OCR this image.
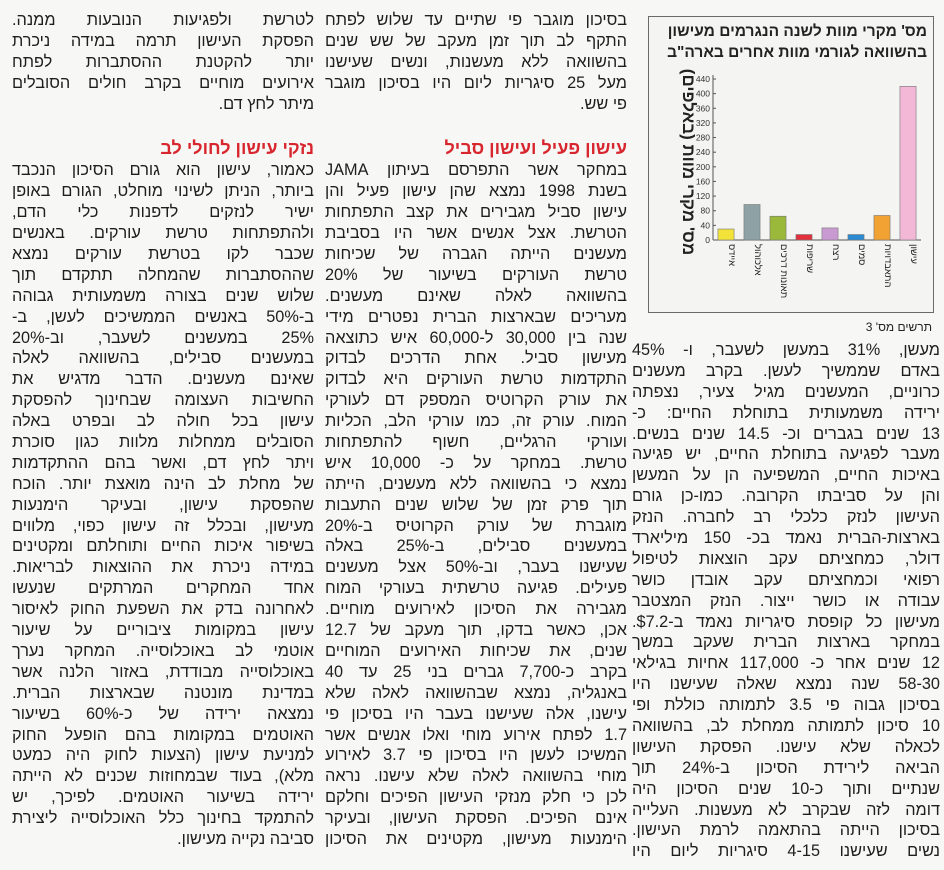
מס' מקרי מוות לשנה הנגרמים מעישון
בהשוואה לגורמי מוות אחרים בארה"ב
0
40
80
120
160
200
240
280
320
360
400
440
מס' מקרי מוות (באלפים)	איידס אלכוהול תאונות דרכים שריפות רצח סמים התאבדויות עישון
תרשים מס' 3
לטרשת ולפגיעות הנובעות ממנה.
הפסקת העישון תרמה במידה ניכרת
יותר להקטנת ההסתברות לפתח
אירועים מוחיים בקרב חולים הסובלים
מיתר לחץ דם.
נזקי עישון לחולי לב
כאמור, עישון הוא גורם הסיכון הנכבד
ביותר, הניתן לשינוי מוחלט, הגורם באופן
ישיר לנזקים לדפנות כלי הדם,
ולהתפתחות טרשת עורקים. באנשים
שכבר לקו בטרשת עורקים נמצא
שההסתברות שהמחלה תתקדם תוך
שלוש שנים בצורה משמעותית גבוהה
ב-50% באנשים הממשיכים לעשן, ב-
25% במעשנים לשעבר, וב-20%
במעשנים סבילים, בהשוואה לאלה
שאינם מעשנים. הדבר מדגיש את
החשיבות העצומה שבחינוך להפסקת
עישון בכל חולה לב ובפרט באלה
הסובלים ממחלות מלוות כגון סוכרת
ויתר לחץ דם, ואשר בהם ההתקדמות
של מחלת לב הינה מואצת יותר. הוכח
שהפסקת עישון, ובעיקר הימנעות
מעישון, ובכלל זה עישון כפוי, מלווים
בשיפור איכות החיים ותוחלתם ומקטינים
במידה ניכרת את ההוצאות לבריאות.
אחד המחקרים המרתקים שנעשו
לאחרונה בדק את השפעת החוק לאיסור
עישון במקומות ציבוריים על שיעור
אוטמי לב באוכלוסייה. המחקר נערך
באוכלוסייה מבודדת, באזור הלנה אשר
במדינת מונטנה שבארצות הברית.
נמצאה ירידה של כ-60% בשיעור
האוטמים במקומות בהם הופעל החוק
למניעת עישון (הצעות לחוק היה כמעט
מלא), בעוד שבמחוזות שכנים לא הייתה
ירידה בשיעור האוטמים. לפיכך, יש
להתמקד בחינוך כלל האוכלוסייה ליצירת
סביבה נקייה מעישון.
בסיכון מוגבר פי שתיים עד שלוש לפתח
התקף לב תוך זמן מעקב של שש שנים
בהשוואה ללא מעשנות, ונשים שעישנו
מעל 25 סיגריות ליום היו בסיכון מוגבר
פי שש.
עישון פעיל ועישון סביל
במחקר אשר התפרסם בעיתון JAMA
בשנת 1998 נמצא שהן עישון פעיל והן
עישון סביל מגבירים את קצב התפתחות
הטרשת. אצל אנשים אשר היו בסביבת
מעשנים הייתה הגברה של שכיחות
טרשת העורקים בשיעור של 20%
בהשוואה לאלה שאינם מעשנים.
מעריכים שבארצות הברית נפטרים מידי
שנה בין 30,000 ל-60,000 איש כתוצאה
מעישון סביל. אחת הדרכים לבדוק
התקדמות טרשת העורקים היא לבדוק
את עורק הקרוטיס המספק דם לעורקי
המוח. עורק זה, כמו עורקי הלב, הכליות
ועורקי הרגליים, חשוף להתפתחות
טרשת. במחקר על כ- 10,000 איש
נמצא כי בהשוואה ללא מעשנים, הייתה
תוך פרק זמן של שלוש שנים התעבות
מוגברת של עורק הקרוטיס ב-20%
במעשנים סבילים, ב-25% באלה
שעישנו בעבר, וב-50% אצל מעשנים
פעילים. פגיעה טרשתית בעורקי המוח
מגבירה את הסיכון לאירועים מוחיים.
אכן, כאשר בדקו, תוך מעקב של 12.7
שנים, את שכיחות האירועים המוחיים
בקרב כ-7,700 גברים בני 25 עד 40
באנגליה, נמצא שבהשוואה לאלה שלא
עישנו, אלה שעישנו בעבר היו בסיכון פי
1.7 לפתח אירוע מוחי ואלו אנשים אשר
המשיכו לעשן היו בסיכון פי 3.7 לאירוע
מוחי בהשוואה לאלה שלא עישנו. נראה
לכן כי חלק מנזקי העישון הפיכים וחלקם
אינם הפיכים. הפסקת העישון, ובעיקר
הימנעות מעישון, מקטינים את הסיכון
מעשן, 31% במעשן לשעבר, ו- 45%
באדם שממשיך לעשן. בקרב מעשנים
כרוניים, המעשנים מגיל צעיר, נצפתה
ירידה משמעותית בתוחלת החיים: כ-
13 שנים בגברים וכ- 14.5 שנים בנשים.
מעבר לפגיעה בתוחלת החיים, יש פגיעה
באיכות החיים, המשפיעה הן על המעשן
והן על סביבתו הקרובה. כמו-כן גורם
העישון לנזק כלכלי רב לחברה. הנזק
בארצות-הברית נאמד בכ- 150 מיליארד
דולר, כמחציתם עקב הוצאות לטיפול
רפואי וכמחציתם עקב אובדן כושר
עבודה או כושר ייצור. הנזק המצטבר
מעישון כל קופסת סיגריות נאמד ב-$7.2.
במחקר בארצות הברית שעקב במשך
12 שנים אחר כ- 117,000 אחיות בגילאי
58-30 שנה נמצא שאלה שעישנו היו
בסיכון גבוה פי 3.5 לתמותה כוללת ופי
10 סיכון לתמותה ממחלת לב, בהשוואה
לכאלה שלא עישנו. הפסקת העישון
הביאה לירידת הסיכון ב-24% תוך
שנתיים ותוך כ-10 שנים הסיכון היה
דומה לזה שבקרב לא מעשנות. העלייה
בסיכון הייתה בהתאמה לרמת העישון.
נשים שעישנו 4-15 סיגריות ליום היו
